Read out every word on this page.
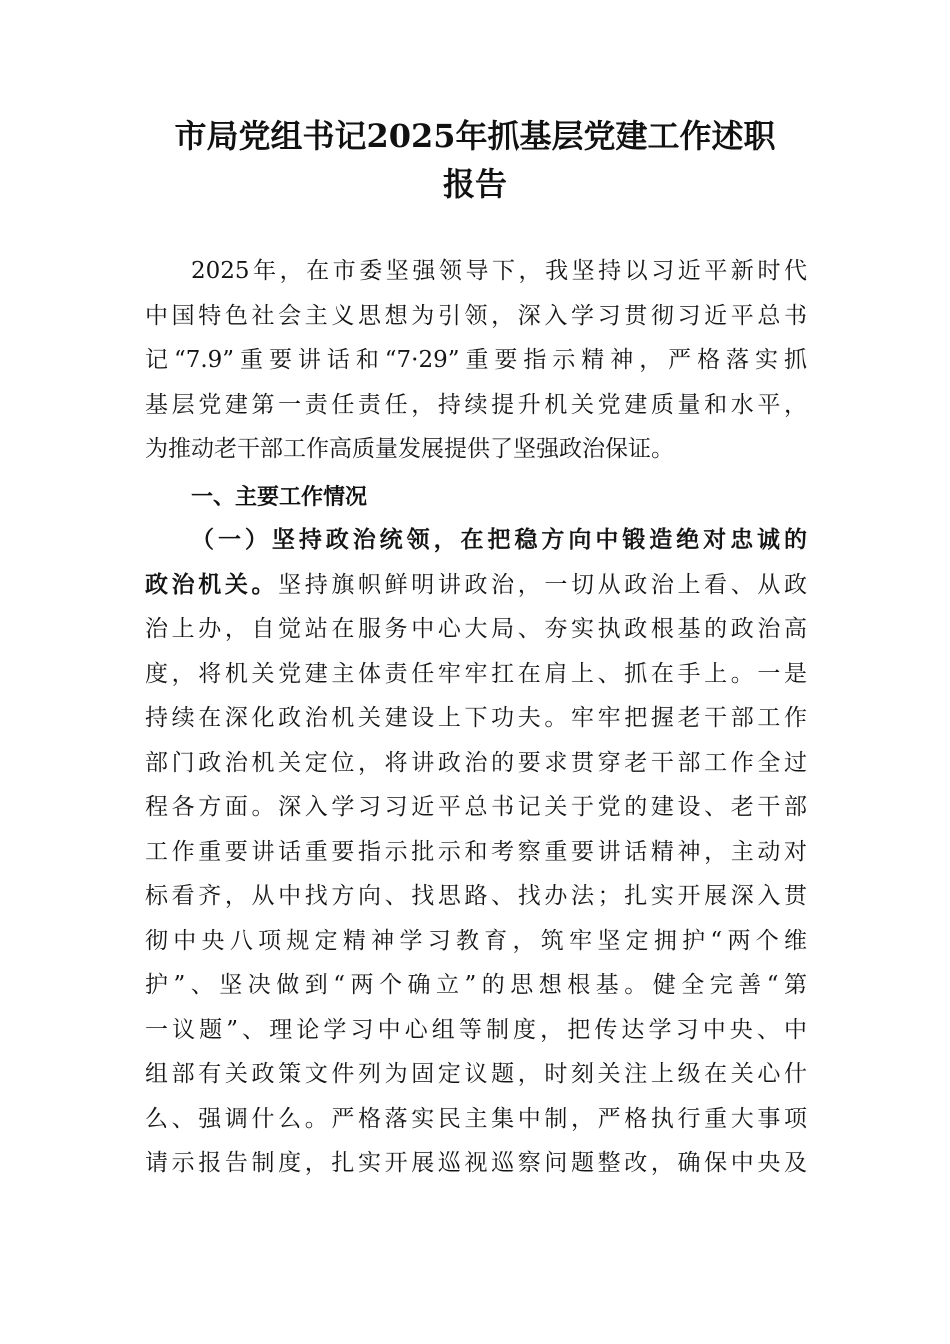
市局党组书记2025年抓基层党建工作述职
报告
2025年，在市委坚强领导下，我坚持以习近平新时代
中国特色社会主义思想为引领，深入学习贯彻习近平总书
记“7.9”重要讲话和“7·29”重要指示精神，严格落实抓
基层党建第一责任责任，持续提升机关党建质量和水平，
为推动老干部工作高质量发展提供了坚强政治保证。
一、主要工作情况
（一）坚持政治统领，在把稳方向中锻造绝对忠诚的
政治机关。坚持旗帜鲜明讲政治，一切从政治上看、从政
治上办，自觉站在服务中心大局、夯实执政根基的政治高
度，将机关党建主体责任牢牢扛在肩上、抓在手上。一是
持续在深化政治机关建设上下功夫。牢牢把握老干部工作
部门政治机关定位，将讲政治的要求贯穿老干部工作全过
程各方面。深入学习习近平总书记关于党的建设、老干部
工作重要讲话重要指示批示和考察重要讲话精神，主动对
标看齐，从中找方向、找思路、找办法；扎实开展深入贯
彻中央八项规定精神学习教育，筑牢坚定拥护“两个维
护”、坚决做到“两个确立”的思想根基。健全完善“第
一议题”、理论学习中心组等制度，把传达学习中央、中
组部有关政策文件列为固定议题，时刻关注上级在关心什
么、强调什么。严格落实民主集中制，严格执行重大事项
请示报告制度，扎实开展巡视巡察问题整改，确保中央及
